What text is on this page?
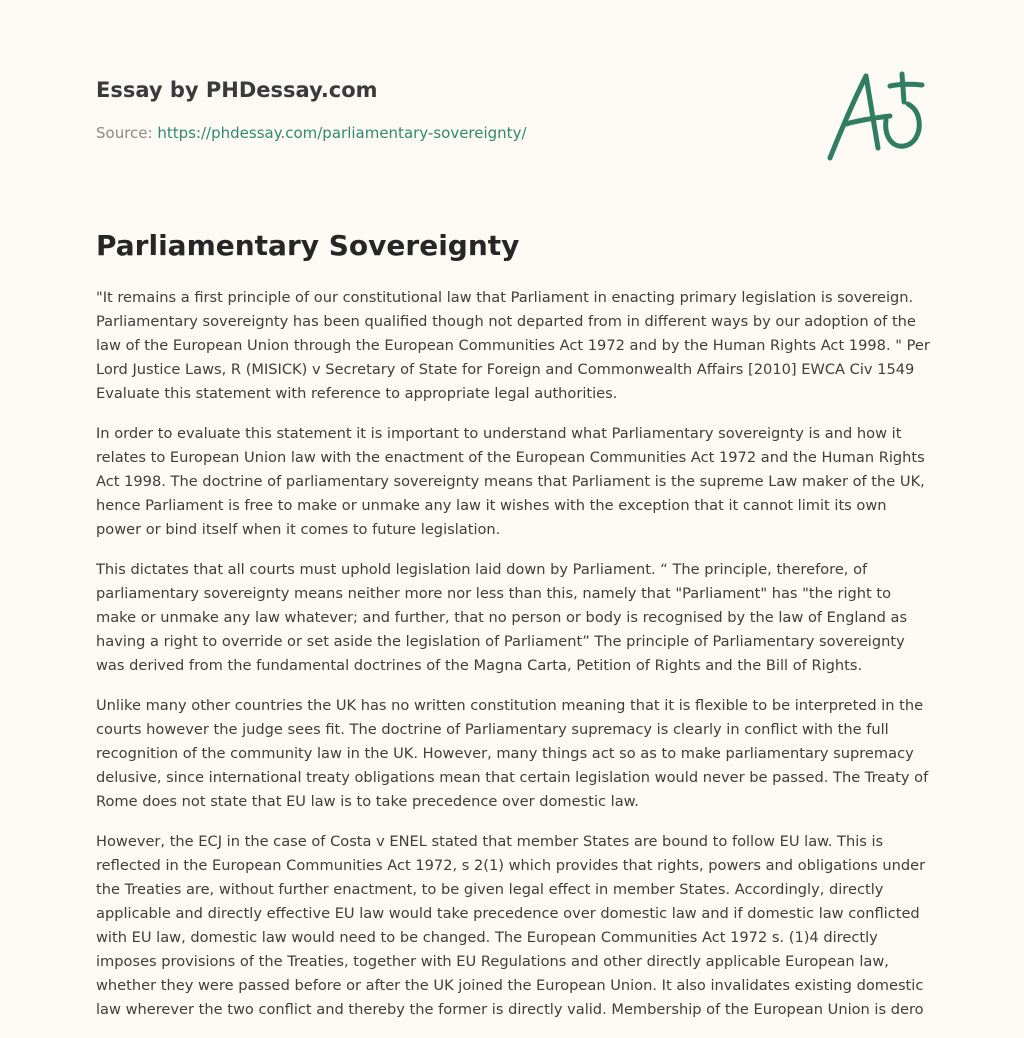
Essay by PHDessay.com
Source: https://phdessay.com/parliamentary-sovereignty/
Parliamentary Sovereignty

"It remains a first principle of our constitutional law that Parliament in enacting primary legislation is sovereign. Parliamentary sovereignty has been qualified though not departed from in different ways by our adoption of the law of the European Union through the European Communities Act 1972 and by the Human Rights Act 1998. " Per Lord Justice Laws, R (MISICK) v Secretary of State for Foreign and Commonwealth Affairs [2010] EWCA Civ 1549 Evaluate this statement with reference to appropriate legal authorities.

In order to evaluate this statement it is important to understand what Parliamentary sovereignty is and how it relates to European Union law with the enactment of the European Communities Act 1972 and the Human Rights Act 1998. The doctrine of parliamentary sovereignty means that Parliament is the supreme Law maker of the UK, hence Parliament is free to make or unmake any law it wishes with the exception that it cannot limit its own power or bind itself when it comes to future legislation.

This dictates that all courts must uphold legislation laid down by Parliament. “ The principle, therefore, of parliamentary sovereignty means neither more nor less than this, namely that "Parliament" has "the right to make or unmake any law whatever; and further, that no person or body is recognised by the law of England as having a right to override or set aside the legislation of Parliament” The principle of Parliamentary sovereignty was derived from the fundamental doctrines of the Magna Carta, Petition of Rights and the Bill of Rights.

Unlike many other countries the UK has no written constitution meaning that it is flexible to be interpreted in the courts however the judge sees fit. The doctrine of Parliamentary supremacy is clearly in conflict with the full recognition of the community law in the UK. However, many things act so as to make parliamentary supremacy delusive, since international treaty obligations mean that certain legislation would never be passed. The Treaty of Rome does not state that EU law is to take precedence over domestic law.

However, the ECJ in the case of Costa v ENEL stated that member States are bound to follow EU law. This is reflected in the European Communities Act 1972, s 2(1) which provides that rights, powers and obligations under the Treaties are, without further enactment, to be given legal effect in member States. Accordingly, directly applicable and directly effective EU law would take precedence over domestic law and if domestic law conflicted with EU law, domestic law would need to be changed. The European Communities Act 1972 s. (1)4 directly imposes provisions of the Treaties, together with EU Regulations and other directly applicable European law, whether they were passed before or after the UK joined the European Union. It also invalidates existing domestic law wherever the two conflict and thereby the former is directly valid. Membership of the European Union is dero
